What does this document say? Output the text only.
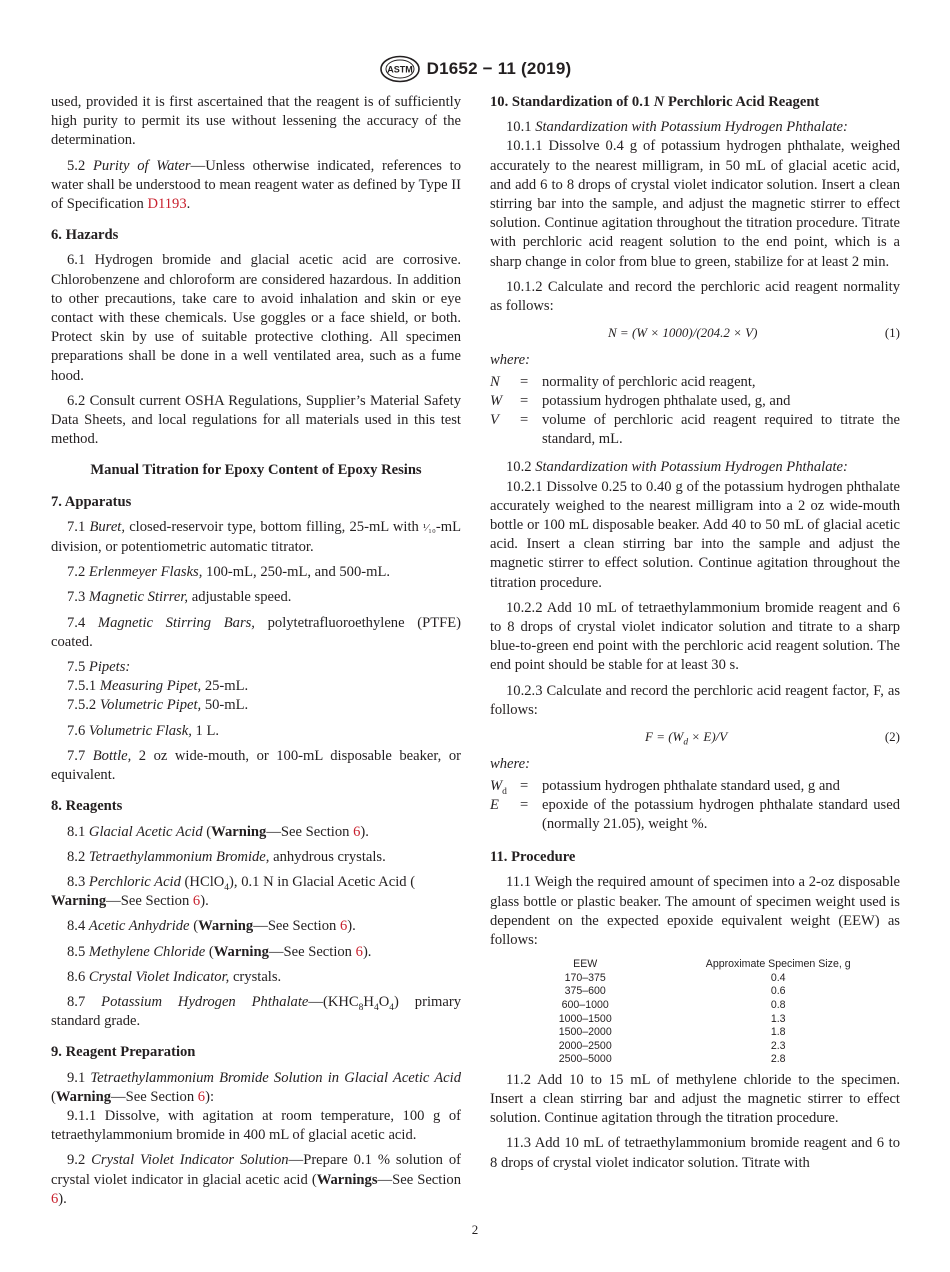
ASTM D1652 − 11 (2019)

used, provided it is first ascertained that the reagent is of sufficiently high purity to permit its use without lessening the accuracy of the determination.

5.2 Purity of Water—Unless otherwise indicated, references to water shall be understood to mean reagent water as defined by Type II of Specification D1193.

6. Hazards

6.1 Hydrogen bromide and glacial acetic acid are corrosive. Chlorobenzene and chloroform are considered hazardous. In addition to other precautions, take care to avoid inhalation and skin or eye contact with these chemicals. Use goggles or a face shield, or both. Protect skin by use of suitable protective clothing. All specimen preparations shall be done in a well ventilated area, such as a fume hood.

6.2 Consult current OSHA Regulations, Supplier’s Material Safety Data Sheets, and local regulations for all materials used in this test method.

Manual Titration for Epoxy Content of Epoxy Resins
7. Apparatus

7.1 Buret, closed-reservoir type, bottom filling, 25-mL with ¹⁄₁₀-mL division, or potentiometric automatic titrator.

7.2 Erlenmeyer Flasks, 100-mL, 250-mL, and 500-mL.

7.3 Magnetic Stirrer, adjustable speed.

7.4 Magnetic Stirring Bars, polytetrafluoroethylene (PTFE) coated.

7.5 Pipets:

7.5.1 Measuring Pipet, 25-mL.

7.5.2 Volumetric Pipet, 50-mL.

7.6 Volumetric Flask, 1 L.

7.7 Bottle, 2 oz wide-mouth, or 100-mL disposable beaker, or equivalent.

8. Reagents

8.1 Glacial Acetic Acid (Warning—See Section 6).

8.2 Tetraethylammonium Bromide, anhydrous crystals.

8.3 Perchloric Acid (HClO$_4$), 0.1 N in Glacial Acetic Acid (
Warning—See Section 6).

8.4 Acetic Anhydride (Warning—See Section 6).

8.5 Methylene Chloride (Warning—See Section 6).

8.6 Crystal Violet Indicator, crystals.

8.7 Potassium Hydrogen $Phthalate—(KHC_8H_4O_4)$ primary standard grade.

9. Reagent Preparation

9.1 Tetraethylammonium Bromide Solution in Glacial Acetic Acid (Warning—See Section 6):

9.1.1 Dissolve, with agitation at room temperature, 100 g of tetraethylammonium bromide in 400 mL of glacial acetic acid.

9.2 Crystal Violet Indicator Solution—Prepare 0.1 % solution of crystal violet indicator in glacial acetic acid (Warnings—See Section 6).

10. Standardization of 0.1 N Perchloric Acid Reagent

10.1 Standardization with Potassium Hydrogen Phthalate:

10.1.1 Dissolve 0.4 g of potassium hydrogen phthalate, weighed accurately to the nearest milligram, in 50 mL of glacial acetic acid, and add 6 to 8 drops of crystal violet indicator solution. Insert a clean stirring bar into the sample, and adjust the magnetic stirrer to effect solution. Continue agitation throughout the titration procedure. Titrate with perchloric acid reagent solution to the end point, which is a sharp change in color from blue to green, stabilize for at least 2 min.

10.1.2 Calculate and record the perchloric acid reagent normality as follows:

N = (W × 1000)/(204.2 × V)	(1)
where:
N	= normality of perchloric acid reagent,
W	= potassium hydrogen phthalate used, g, and
V	= volume of perchloric acid reagent required to titrate the standard, mL.

10.2 Standardization with Potassium Hydrogen Phthalate:

10.2.1 Dissolve 0.25 to 0.40 g of the potassium hydrogen phthalate accurately weighed to the nearest milligram into a 2 oz wide-mouth bottle or 100 mL disposable beaker. Add 40 to 50 mL of glacial acetic acid. Insert a clean stirring bar into the sample and adjust the magnetic stirrer to effect solution. Continue agitation throughout the titration procedure.

10.2.2 Add 10 mL of tetraethylammonium bromide reagent and 6 to 8 drops of crystal violet indicator solution and titrate to a sharp blue-to-green end point with the perchloric acid reagent solution. The end point should be stable for at least 30 s.

10.2.3 Calculate and record the perchloric acid reagent factor, F, as follows:

$F = (W_d \times E)/V$	(2)
where:
$W_d$ = potassium hydrogen phthalate standard used, g and
E	= epoxide of the potassium hydrogen phthalate standard used (normally 21.05), weight %.
11. Procedure

11.1 Weigh the required amount of specimen into a 2-oz disposable glass bottle or plastic beaker. The amount of specimen weight used is dependent on the expected epoxide equivalent weight (EEW) as follows:

EEW	Approximate Specimen Size, g
170–375	0.4
375–600	0.6
600–1000	0.8
1000–1500	1.3
1500–2000	1.8
2000–2500	2.3
2500–5000	2.8

11.2 Add 10 to 15 mL of methylene chloride to the specimen. Insert a clean stirring bar and adjust the magnetic stirrer to effect solution. Continue agitation through the titration procedure.

11.3 Add 10 mL of tetraethylammonium bromide reagent and 6 to 8 drops of crystal violet indicator solution. Titrate with

2
